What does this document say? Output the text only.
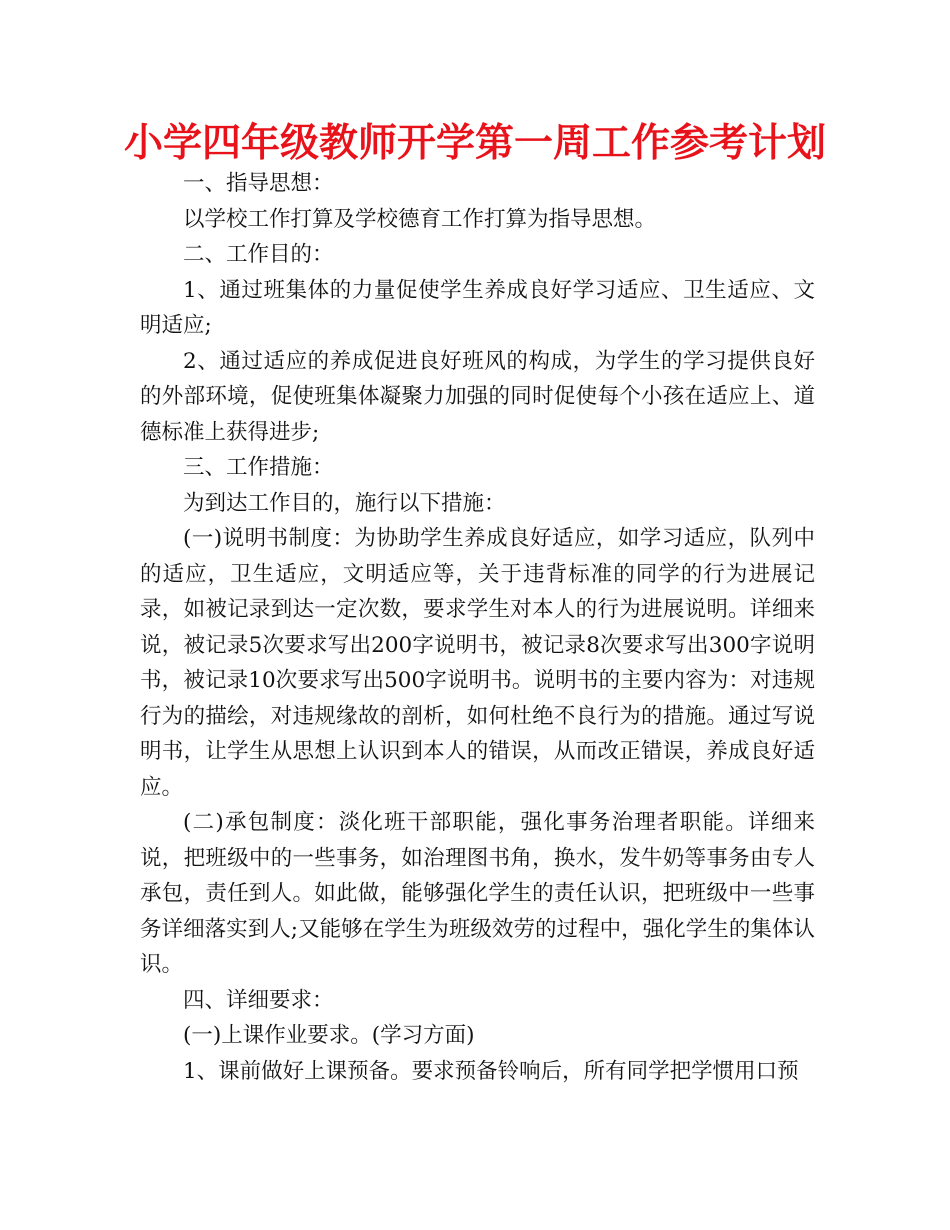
小学四年级教师开学第一周工作参考计划

一、指导思想：

以学校工作打算及学校德育工作打算为指导思想。

二、工作目的：

1、通过班集体的力量促使学生养成良好学习适应、卫生适应、文明适应;

2、通过适应的养成促进良好班风的构成，为学生的学习提供良好的外部环境，促使班集体凝聚力加强的同时促使每个小孩在适应上、道德标准上获得进步;

三、工作措施：

为到达工作目的，施行以下措施：

(一)说明书制度：为协助学生养成良好适应，如学习适应，队列中的适应，卫生适应，文明适应等，关于违背标准的同学的行为进展记录，如被记录到达一定次数，要求学生对本人的行为进展说明。详细来说，被记录5次要求写出200字说明书，被记录8次要求写出300字说明书，被记录10次要求写出500字说明书。说明书的主要内容为：对违规行为的描绘，对违规缘故的剖析，如何杜绝不良行为的措施。通过写说明书，让学生从思想上认识到本人的错误，从而改正错误，养成良好适应。

(二)承包制度：淡化班干部职能，强化事务治理者职能。详细来说，把班级中的一些事务，如治理图书角，换水，发牛奶等事务由专人承包，责任到人。如此做，能够强化学生的责任认识，把班级中一些事务详细落实到人;又能够在学生为班级效劳的过程中，强化学生的集体认识。

四、详细要求：

(一)上课作业要求。(学习方面)

1、课前做好上课预备。要求预备铃响后，所有同学把学惯用口预
